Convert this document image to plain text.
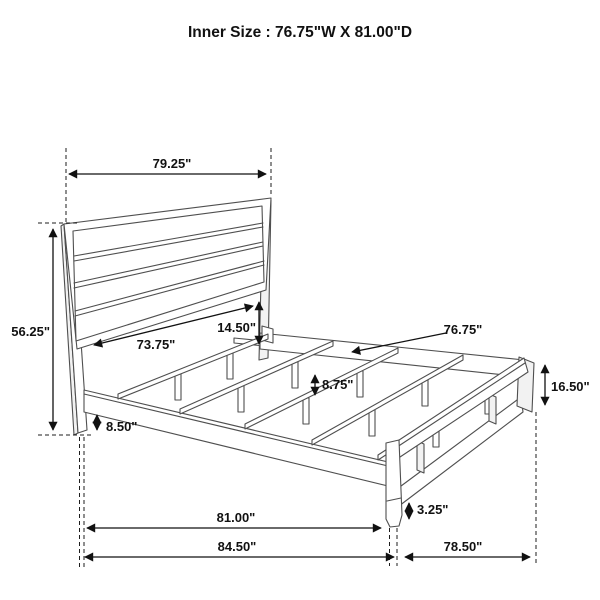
Inner Size : 76.75"W X 81.00"D
79.25"
56.25"
73.75"
14.50"	76.75"
8.75"
8.50"
16.50"
3.25"
81.00"
84.50"	78.50"
